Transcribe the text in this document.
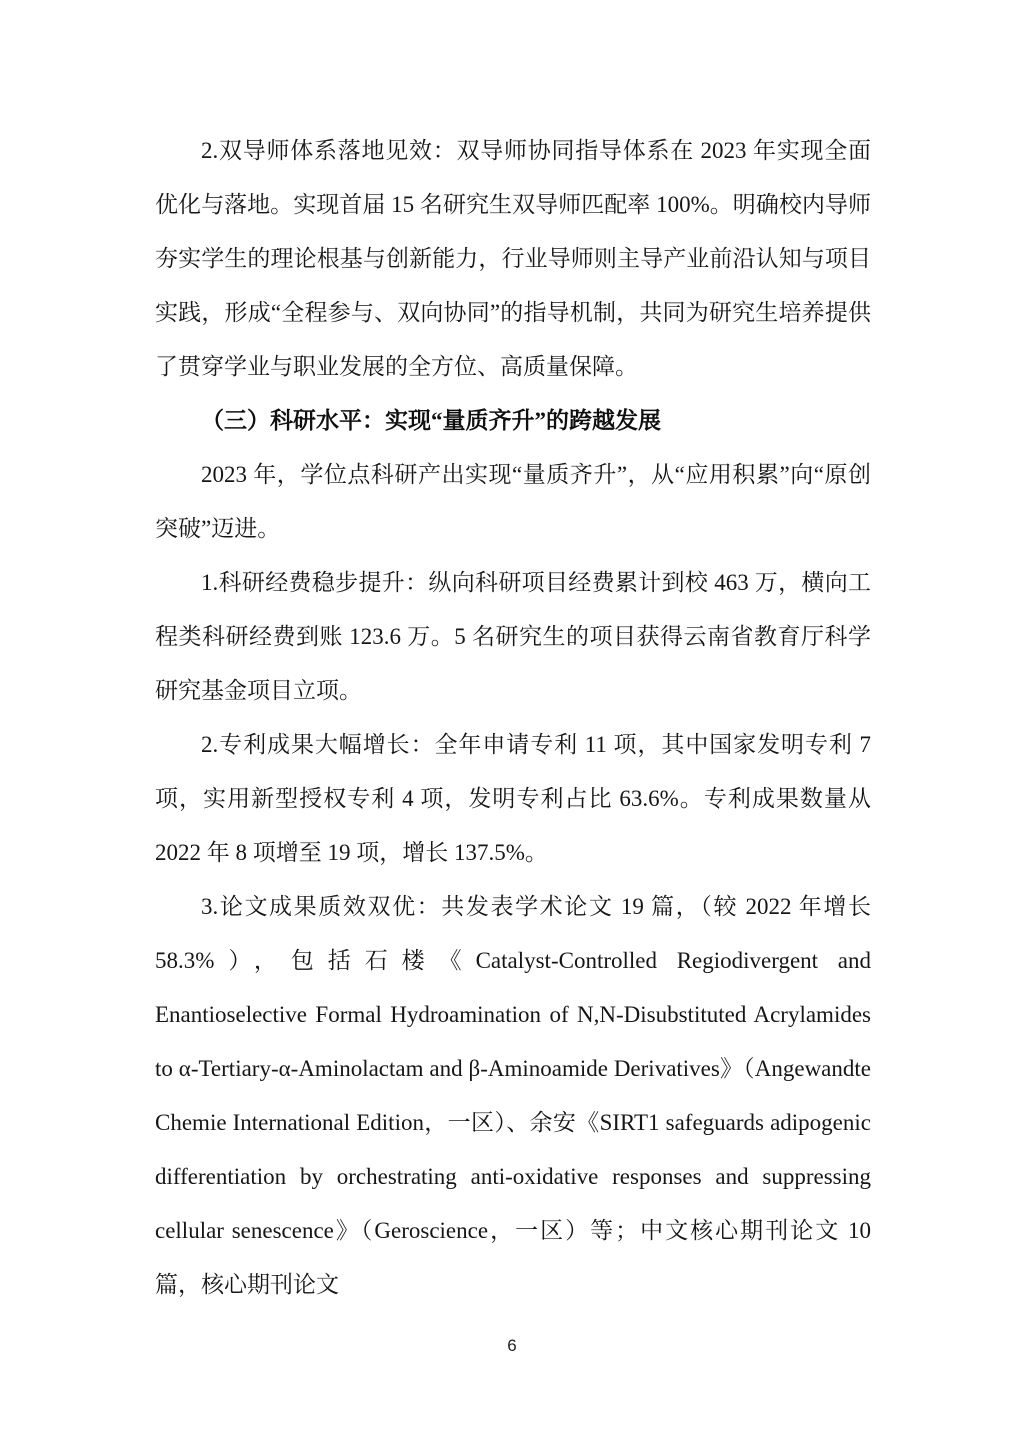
2.双导师体系落地见效：双导师协同指导体系在 2023 年实现全面优化与落地。实现首届 15 名研究生双导师匹配率 100%。明确校内导师夯实学生的理论根基与创新能力，行业导师则主导产业前沿认知与项目实践，形成“全程参与、双向协同”的指导机制，共同为研究生培养提供了贯穿学业与职业发展的全方位、高质量保障。

（三）科研水平：实现“量质齐升”的跨越发展

2023 年，学位点科研产出实现“量质齐升”，从“应用积累”向“原创突破”迈进。

1.科研经费稳步提升：纵向科研项目经费累计到校 463 万，横向工程类科研经费到账 123.6 万。5 名研究生的项目获得云南省教育厅科学研究基金项目立项。

2.专利成果大幅增长：全年申请专利 11 项，其中国家发明专利 7 项，实用新型授权专利 4 项，发明专利占比 63.6%。专利成果数量从 2022 年 8 项增至 19 项，增长 137.5%。

3.论文成果质效双优：共发表学术论文 19 篇，（较 2022 年增长 58.3%），包括石楼《Catalyst-Controlled Regiodivergent and Enantioselective Formal Hydroamination of N,N-Disubstituted Acrylamides to α-Tertiary-α-Aminolactam and β-Aminoamide Derivatives》（Angewandte Chemie International Edition，一区）、余安《SIRT1 safeguards adipogenic differentiation by orchestrating anti-oxidative responses and suppressing cellular senescence》（Geroscience，一区）等；中文核心期刊论文 10 篇，核心期刊论文

6
